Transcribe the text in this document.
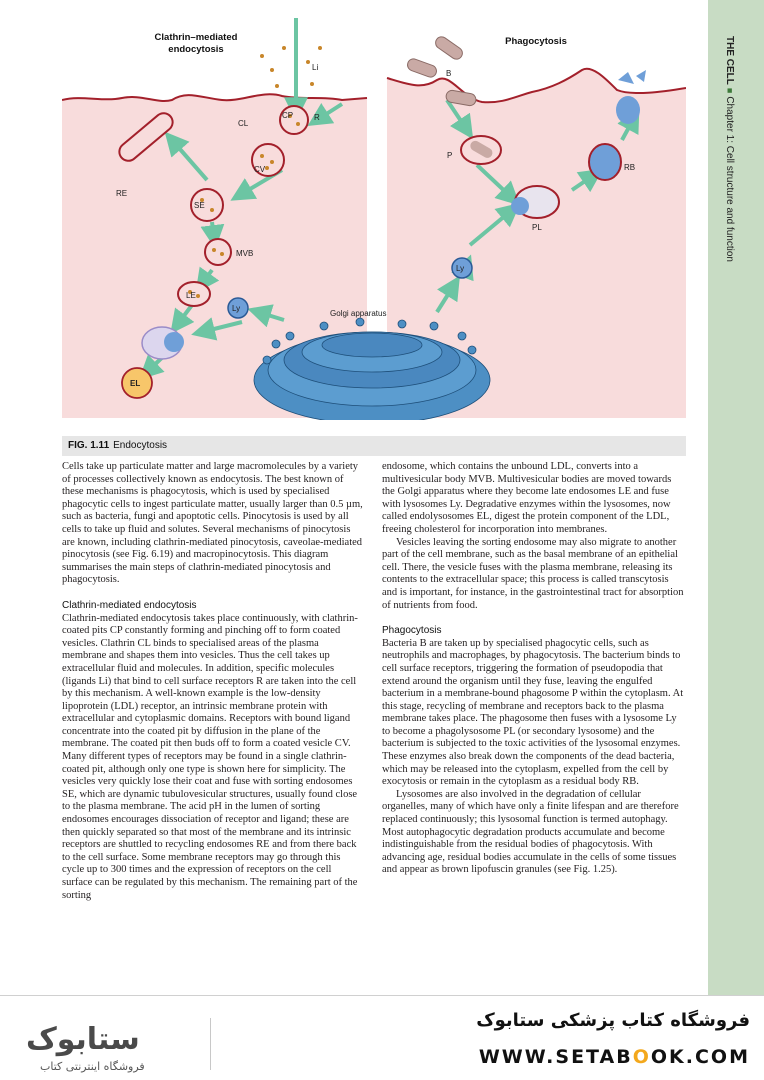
THE CELL■Chapter 1: Cell structure and function
Clathrin–mediated
endocytosis
Phagocytosis
Li
CL
CP	R
CV
RE
SE
MVB
LE
Ly
EL
Golgi apparatus
B
P
RB
PL
Ly
FIG. 1.11 Endocytosis

Cells take up particulate matter and large macromolecules by a variety of processes collectively known as endocytosis. The best known of these mechanisms is phagocytosis, which is used by specialised phagocytic cells to ingest particulate matter, usually larger than 0.5 µm, such as bacteria, fungi and apoptotic cells. Pinocytosis is used by all cells to take up fluid and solutes. Several mechanisms of pinocytosis are known, including clathrin-mediated pinocytosis, caveolae-mediated pinocytosis (see Fig. 6.19) and macropinocytosis. This diagram summarises the main steps of clathrin-mediated pinocytosis and phagocytosis.

Clathrin-mediated endocytosis

Clathrin-mediated endocytosis takes place continuously, with clathrin-coated pits CP constantly forming and pinching off to form coated vesicles. Clathrin CL binds to specialised areas of the plasma membrane and shapes them into vesicles. Thus the cell takes up extracellular fluid and molecules. In addition, specific molecules (ligands Li) that bind to cell surface receptors R are taken into the cell by this mechanism. A well-known example is the low-density lipoprotein (LDL) receptor, an intrinsic membrane protein with extracellular and cytoplasmic domains. Receptors with bound ligand concentrate into the coated pit by diffusion in the plane of the membrane. The coated pit then buds off to form a coated vesicle CV. Many different types of receptors may be found in a single clathrin-coated pit, although only one type is shown here for simplicity. The vesicles very quickly lose their coat and fuse with sorting endosomes SE, which are dynamic tubulovesicular structures, usually found close to the plasma membrane. The acid pH in the lumen of sorting endosomes encourages dissociation of receptor and ligand; these are then quickly separated so that most of the membrane and its intrinsic receptors are shuttled to recycling endosomes RE and from there back to the cell surface. Some membrane receptors may go through this cycle up to 300 times and the expression of receptors on the cell surface can be regulated by this mechanism. The remaining part of the sorting

endosome, which contains the unbound LDL, converts into a multivesicular body MVB. Multivesicular bodies are moved towards the Golgi apparatus where they become late endosomes LE and fuse with lysosomes Ly. Degradative enzymes within the lysosomes, now called endolysosomes EL, digest the protein component of the LDL, freeing cholesterol for incorporation into membranes.

Vesicles leaving the sorting endosome may also migrate to another part of the cell membrane, such as the basal membrane of an epithelial cell. There, the vesicle fuses with the plasma membrane, releasing its contents to the extracellular space; this process is called transcytosis and is important, for instance, in the gastrointestinal tract for absorption of nutrients from food.

Phagocytosis

Bacteria B are taken up by specialised phagocytic cells, such as neutrophils and macrophages, by phagocytosis. The bacterium binds to cell surface receptors, triggering the formation of pseudopodia that extend around the organism until they fuse, leaving the engulfed bacterium in a membrane-bound phagosome P within the cytoplasm. At this stage, recycling of membrane and receptors back to the plasma membrane takes place. The phagosome then fuses with a lysosome Ly to become a phagolysosome PL (or secondary lysosome) and the bacterium is subjected to the toxic activities of the lysosomal enzymes. These enzymes also break down the components of the dead bacteria, which may be released into the cytoplasm, expelled from the cell by exocytosis or remain in the cytoplasm as a residual body RB.

Lysosomes are also involved in the degradation of cellular organelles, many of which have only a finite lifespan and are therefore replaced continuously; this lysosomal function is termed autophagy. Most autophagocytic degradation products accumulate and become indistinguishable from the residual bodies of phagocytosis. With advancing age, residual bodies accumulate in the cells of some tissues and appear as brown lipofuscin granules (see Fig. 1.25).

ستابوک
فروشگاه اینترنتی کتاب
فروشگاه کتاب پزشکی ستابوک
WWW.SETABOOK.COM
